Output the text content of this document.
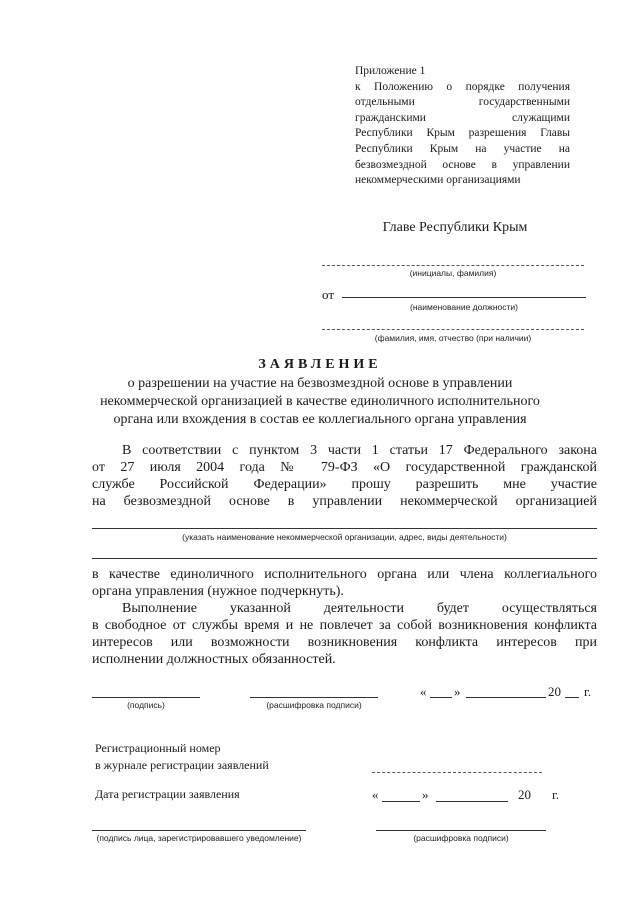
Приложение 1
к Положению о порядке получения
отдельными государственными
гражданскими служащими
Республики Крым разрешения Главы
Республики Крым на участие на
безвозмездной основе в управлении
некоммерческими организациями
Главе Республики Крым
(инициалы, фамилия)
от
(наименование должности)
(фамилия, имя, отчество (при наличии)
ЗАЯВЛЕНИЕ
о разрешении на участие на безвозмездной основе в управлении
некоммерческой организацией в качестве единоличного исполнительного
органа или вхождения в состав ее коллегиального органа управления
В соответствии с пунктом 3 части 1 статьи 17 Федерального закона
от 27 июля 2004 года № 79-ФЗ «О государственной гражданской
службе Российской Федерации» прошу разрешить мне участие
на безвозмездной основе в управлении некоммерческой организацией
(указать наименование некоммерческой организации, адрес, виды деятельности)
в качестве единоличного исполнительного органа или члена коллегиального
органа управления (нужное подчеркнуть).
Выполнение указанной деятельности будет осуществляться
в свободное от службы время и не повлечет за собой возникновения конфликта
интересов или возможности возникновения конфликта интересов при
исполнении должностных обязанностей.
(подпись)	(расшифровка подписи)
« »	20 г.
Регистрационный номер
в журнале регистрации заявлений
Дата регистрации заявления	«	»	20 г.
(подпись лица, зарегистрировавшего уведомление)	(расшифровка подписи)
